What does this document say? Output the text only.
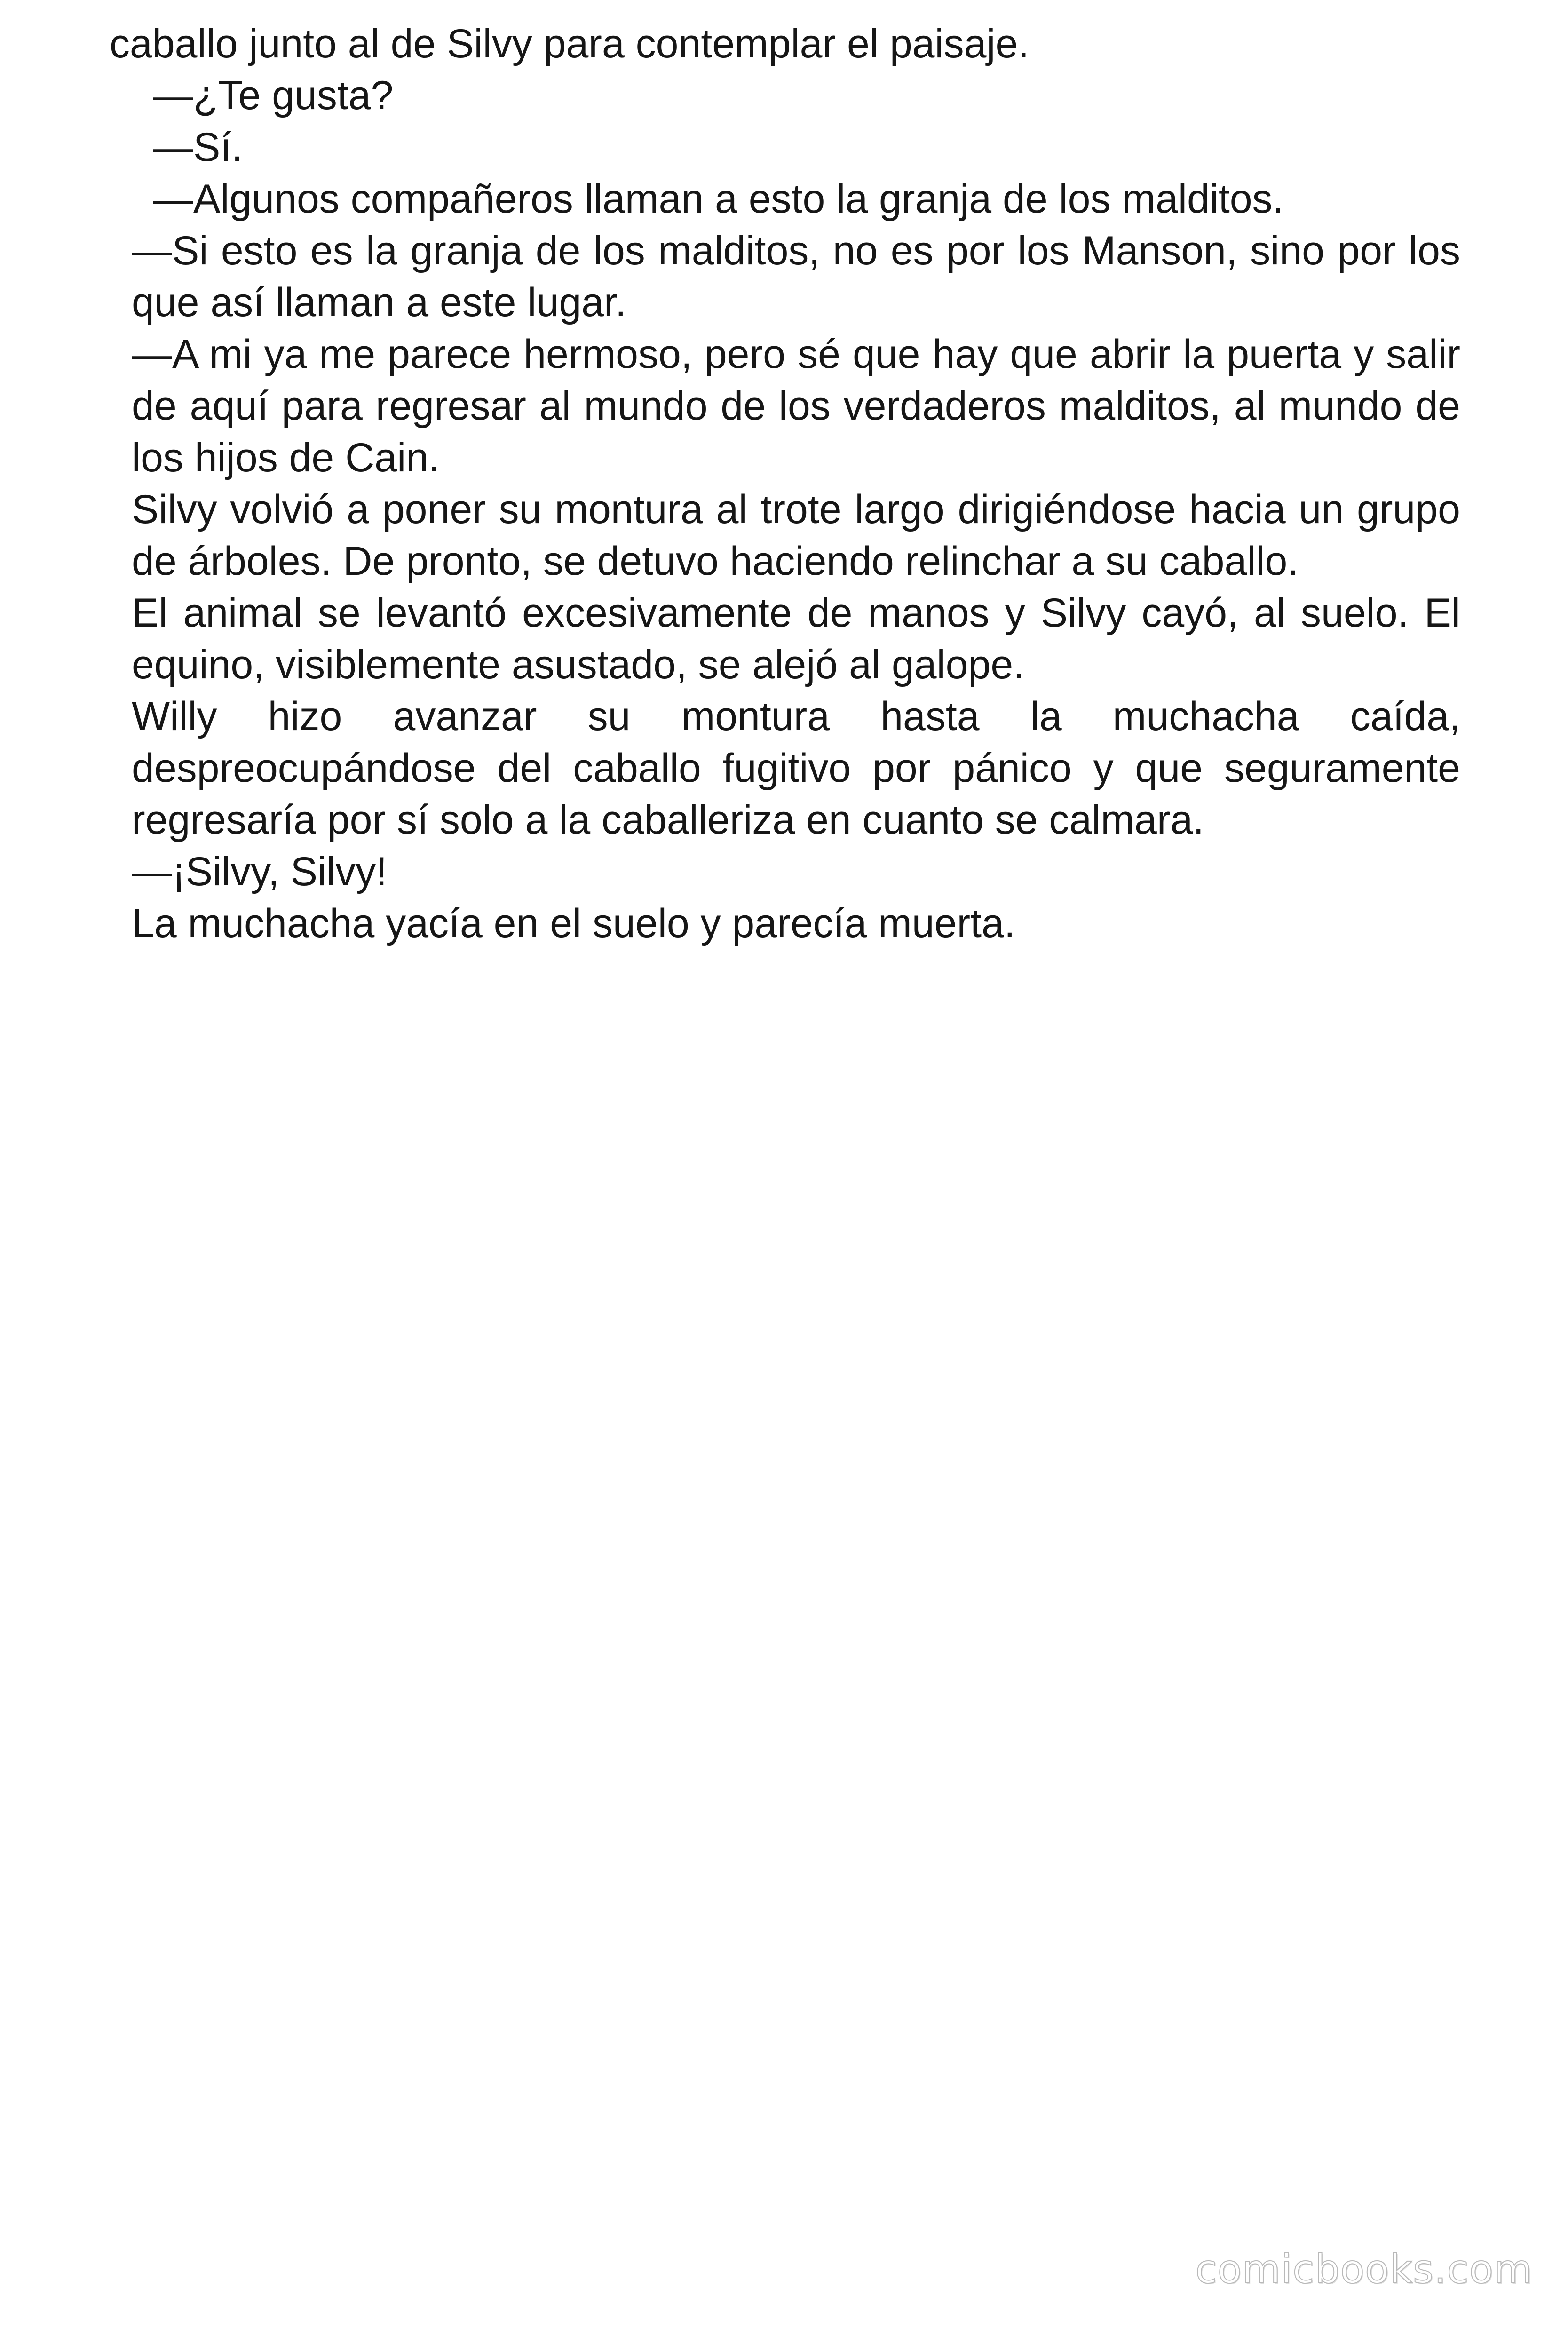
caballo junto al de Silvy para contemplar el paisaje.

—¿Te gusta?

—Sí.

—Algunos compañeros llaman a esto la granja de los malditos.

—Si esto es la granja de los malditos, no es por los Manson, sino por los que así llaman a este lugar.

—A mi ya me parece hermoso, pero sé que hay que abrir la puerta y salir de aquí para regresar al mundo de los verdaderos malditos, al mundo de los hijos de Cain.

Silvy volvió a poner su montura al trote largo dirigiéndose hacia un grupo de árboles. De pronto, se detuvo haciendo relinchar a su caballo.

El animal se levantó excesivamente de manos y Silvy cayó, al suelo. El equino, visiblemente asustado, se alejó al galope.

Willy hizo avanzar su montura hasta la muchacha caída, despreocupándose del caballo fugitivo por pánico y que seguramente regresaría por sí solo a la caballeriza en cuanto se calmara.

—¡Silvy, Silvy!

La muchacha yacía en el suelo y parecía muerta.

comicbooks.com
